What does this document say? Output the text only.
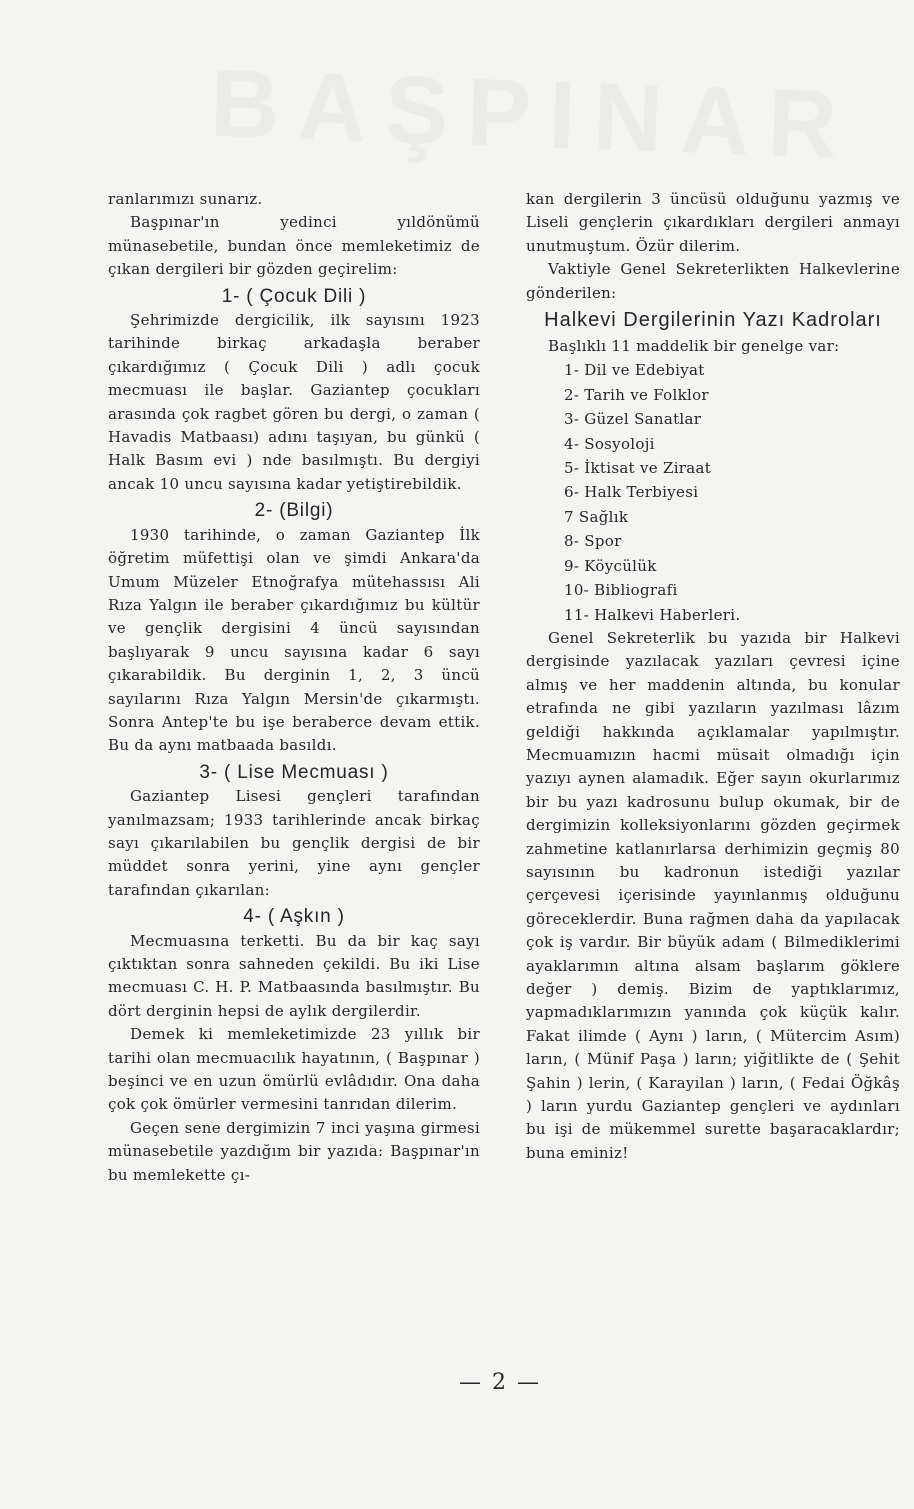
BAŞPINAR

ranlarımızı sunarız.

Başpınar'ın yedinci yıldönümü münasebetile, bundan önce memleketimiz de çıkan dergileri bir gözden geçirelim:

1- ( Çocuk Dili )

Şehrimizde dergicilik, ilk sayısını 1923 tarihinde birkaç arkadaşla beraber çıkardığımız ( Çocuk Dili ) adlı çocuk mecmuası ile başlar. Gaziantep çocukları arasında çok ragbet gören bu dergi, o zaman ( Havadis Matbaası) adını taşıyan, bu günkü ( Halk Basım evi ) nde basılmıştı. Bu dergiyi ancak 10 uncu sayısına kadar yetiştirebildik.

2- (Bilgi)

1930 tarihinde, o zaman Gaziantep İlk öğretim müfettişi olan ve şimdi Ankara'da Umum Müzeler Etnoğrafya mütehassısı Ali Rıza Yalgın ile beraber çıkardığımız bu kültür ve gençlik dergisini 4 üncü sayısından başlıyarak 9 uncu sayısına kadar 6 sayı çıkarabildik. Bu derginin 1, 2, 3 üncü sayılarını Rıza Yalgın Mersin'de çıkarmıştı. Sonra Antep'te bu işe beraberce devam ettik. Bu da aynı matbaada basıldı.

3- ( Lise Mecmuası )

Gaziantep Lisesi gençleri tarafından yanılmazsam; 1933 tarihlerinde ancak birkaç sayı çıkarılabilen bu gençlik dergisi de bir müddet sonra yerini, yine aynı gençler tarafından çıkarılan:

4- ( Aşkın )

Mecmuasına terketti. Bu da bir kaç sayı çıktıktan sonra sahneden çekildi. Bu iki Lise mecmuası C. H. P. Matbaasında basılmıştır. Bu dört derginin hepsi de aylık dergilerdir.

Demek ki memleketimizde 23 yıllık bir tarihi olan mecmuacılık hayatının, ( Başpınar ) beşinci ve en uzun ömürlü evlâdıdır. Ona daha çok çok ömürler vermesini tanrıdan dilerim.

Geçen sene dergimizin 7 inci yaşına girmesi münasebetile yazdığım bir yazıda: Başpınar'ın bu memlekette çı-

kan dergilerin 3 üncüsü olduğunu yazmış ve Liseli gençlerin çıkardıkları dergileri anmayı unutmuştum. Özür dilerim.

Vaktiyle Genel Sekreterlikten Halkevlerine gönderilen:

Halkevi Dergilerinin Yazı Kadroları

Başlıklı 11 maddelik bir genelge var:

1- Dil ve Edebiyat
2- Tarih ve Folklor
3- Güzel Sanatlar
4- Sosyoloji
5- İktisat ve Ziraat
6- Halk Terbiyesi
7 Sağlık
8- Spor
9- Köycülük
10- Bibliografi
11- Halkevi Haberleri.

Genel Sekreterlik bu yazıda bir Halkevi dergisinde yazılacak yazıları çevresi içine almış ve her maddenin altında, bu konular etrafında ne gibi yazıların yazılması lâzım geldiği hakkında açıklamalar yapılmıştır. Mecmuamızın hacmi müsait olmadığı için yazıyı aynen alamadık. Eğer sayın okurlarımız bir bu yazı kadrosunu bulup okumak, bir de dergimizin kolleksiyonlarını gözden geçirmek zahmetine katlanırlarsa derhimizin geçmiş 80 sayısının bu kadronun istediği yazılar çerçevesi içerisinde yayınlanmış olduğunu göreceklerdir. Buna rağmen daha da yapılacak çok iş vardır. Bir büyük adam ( Bilmediklerimi ayaklarımın altına alsam başlarım göklere değer ) demiş. Bizim de yaptıklarımız, yapmadıklarımızın yanında çok küçük kalır. Fakat ilimde ( Aynı ) ların, ( Mütercim Asım) ların, ( Münif Paşa ) ların; yiğitlikte de ( Şehit Şahin ) lerin, ( Karayılan ) ların, ( Fedai Öğkâş ) ların yurdu Gaziantep gençleri ve aydınları bu işi de mükemmel surette başaracaklardır; buna eminiz!

— 2 —
